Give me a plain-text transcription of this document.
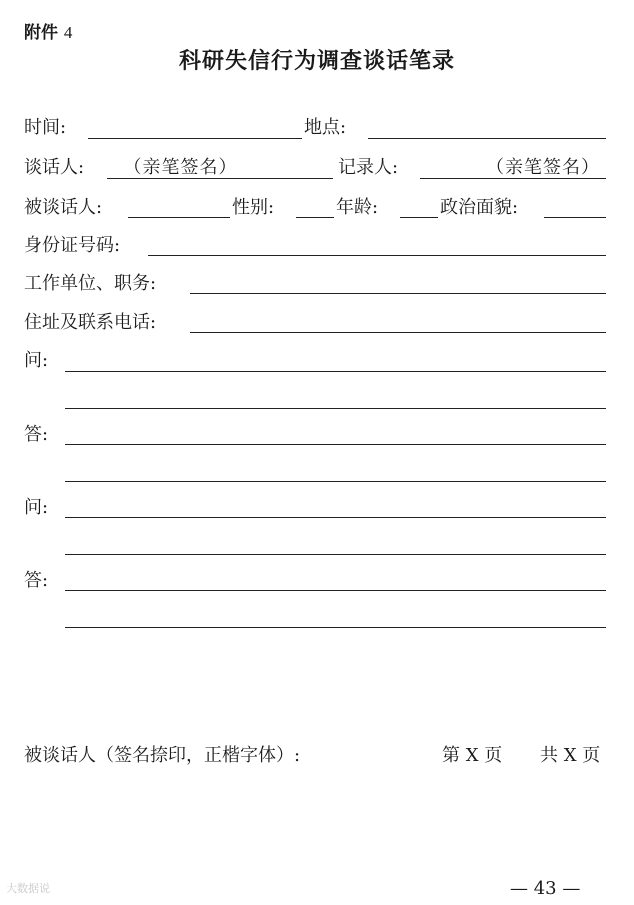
附件 4
科研失信行为调查谈话笔录
时间:	地点:
谈话人:	（亲笔签名）	记录人:	（亲笔签名）
被谈话人:	性别:	年龄:	政治面貌:
身份证号码:
工作单位、职务:
住址及联系电话:
问:
答:
问:
答:
被谈话人（签名捺印，正楷字体）:	第 X 页 共 X 页
— 43 —
大数据说
